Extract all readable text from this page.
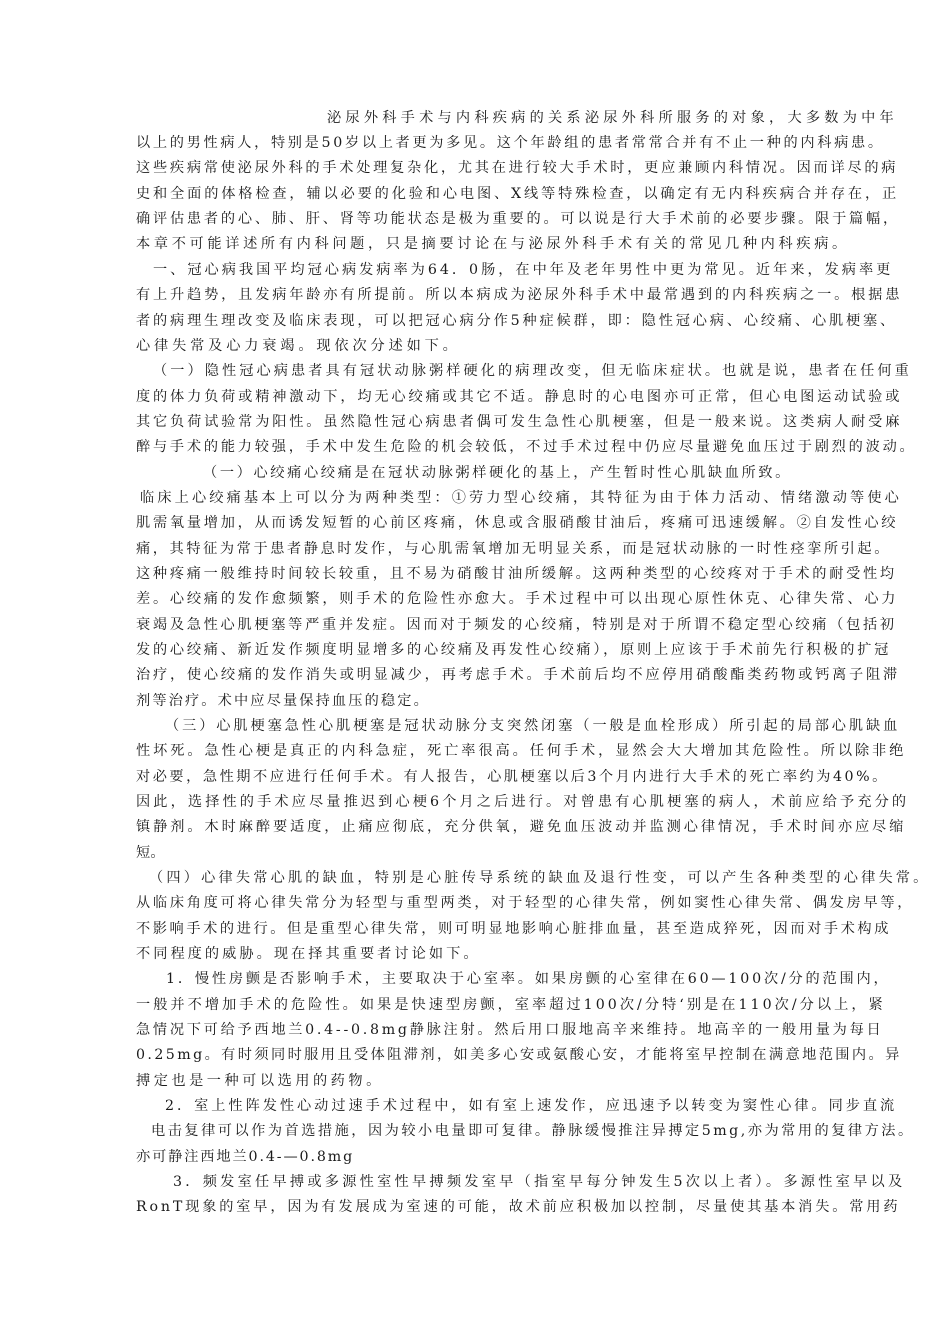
泌尿外科手术与内科疾病的关系泌尿外科所服务的对象，大多数为中年
以上的男性病人，特别是50岁以上者更为多见。这个年龄组的患者常常合并有不止一种的内科病患。
这些疾病常使泌尿外科的手术处理复杂化，尤其在进行较大手术时，更应兼顾内科情况。因而详尽的病
史和全面的体格检查，辅以必要的化验和心电图、X线等特殊检查，以确定有无内科疾病合并存在，正
确评估患者的心、肺、肝、肾等功能状态是极为重要的。可以说是行大手术前的必要步骤。限于篇幅，
本章不可能详述所有内科问题，只是摘要讨论在与泌尿外科手术有关的常见几种内科疾病。
一、冠心病我国平均冠心病发病率为64．0肠，在中年及老年男性中更为常见。近年来，发病率更
有上升趋势，且发病年龄亦有所提前。所以本病成为泌尿外科手术中最常遇到的内科疾病之一。根据患
者的病理生理改变及临床表现，可以把冠心病分作5种症候群，即：隐性冠心病、心绞痛、心肌梗塞、
心律失常及心力衰竭。现依次分述如下。
（一）隐性冠心病患者具有冠状动脉粥样硬化的病理改变，但无临床症状。也就是说，患者在任何重
度的体力负荷或精神激动下，均无心绞痛或其它不适。静息时的心电图亦可正常，但心电图运动试验或
其它负荷试验常为阳性。虽然隐性冠心病患者偶可发生急性心肌梗塞，但是一般来说。这类病人耐受麻
醉与手术的能力较强，手术中发生危险的机会较低，不过手术过程中仍应尽量避免血压过于剧烈的波动。
（一）心绞痛心绞痛是在冠状动脉粥样硬化的基上，产生暂时性心肌缺血所致。
临床上心绞痛基本上可以分为两种类型：①劳力型心绞痛，其特征为由于体力活动、情绪激动等使心
肌需氧量增加，从而诱发短暂的心前区疼痛，休息或含服硝酸甘油后，疼痛可迅速缓解。②自发性心绞
痛，其特征为常于患者静息时发作，与心肌需氧增加无明显关系，而是冠状动脉的一时性痉挛所引起。
这种疼痛一般维持时间较长较重，且不易为硝酸甘油所缓解。这两种类型的心绞疼对于手术的耐受性均
差。心绞痛的发作愈频繁，则手术的危险性亦愈大。手术过程中可以出现心原性休克、心律失常、心力
衰竭及急性心肌梗塞等严重并发症。因而对于频发的心绞痛，特别是对于所谓不稳定型心绞痛（包括初
发的心绞痛、新近发作频度明显增多的心绞痛及再发性心绞痛），原则上应该于手术前先行积极的扩冠
治疗，使心绞痛的发作消失或明显减少，再考虑手术。手术前后均不应停用硝酸酯类药物或钙离子阻滞
剂等治疗。术中应尽量保持血压的稳定。
（三）心肌梗塞急性心肌梗塞是冠状动脉分支突然闭塞（一般是血栓形成）所引起的局部心肌缺血
性坏死。急性心梗是真正的内科急症，死亡率很高。任何手术，显然会大大增加其危险性。所以除非绝
对必要，急性期不应进行任何手术。有人报告，心肌梗塞以后3个月内进行大手术的死亡率约为40%。
因此，选择性的手术应尽量推迟到心梗6个月之后进行。对曾患有心肌梗塞的病人，术前应给予充分的
镇静剂。木时麻醉要适度，止痛应彻底，充分供氧，避免血压波动并监测心律情况，手术时间亦应尽缩
短。
（四）心律失常心肌的缺血，特别是心脏传导系统的缺血及退行性变，可以产生各种类型的心律失常。
从临床角度可将心律失常分为轻型与重型两类，对于轻型的心律失常，例如窦性心律失常、偶发房早等，
不影响手术的进行。但是重型心律失常，则可明显地影响心脏排血量，甚至造成猝死，因而对手术构成
不同程度的威胁。现在择其重要者讨论如下。
1．慢性房颤是否影响手术，主要取决于心室率。如果房颤的心室律在60—100次/分的范围内，
一般并不增加手术的危险性。如果是快速型房颤，室率超过100次/分特‘别是在110次/分以上，紧
急情况下可给予西地兰0.4--0.8mg静脉注射。然后用口服地高辛来维持。地高辛的一般用量为每日
0.25mg。有时须同时服用且受体阻滞剂，如美多心安或氨酸心安，才能将室早控制在满意地范围内。异
搏定也是一种可以选用的药物。
2．室上性阵发性心动过速手术过程中，如有室上速发作，应迅速予以转变为窦性心律。同步直流
电击复律可以作为首选措施，因为较小电量即可复律。静脉缓慢推注异搏定5mg,亦为常用的复律方法。
亦可静注西地兰0.4-—0.8mg
3．频发室任早搏或多源性室性早搏频发室早（指室早每分钟发生5次以上者）。多源性室早以及
RonT现象的室早，因为有发展成为室速的可能，故术前应积极加以控制，尽量使其基本消失。常用药
